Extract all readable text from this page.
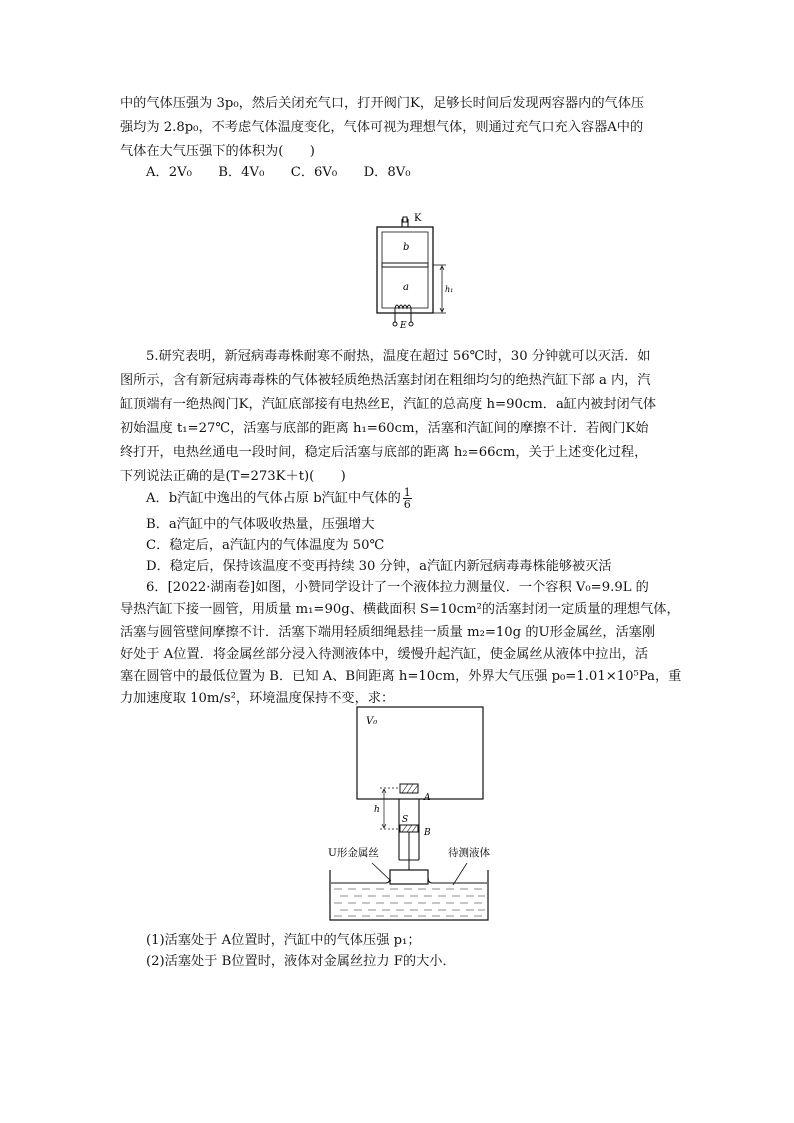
中的气体压强为 3p₀，然后关闭充气口，打开阀门K，足够长时间后发现两容器内的气体压
强均为 2.8p₀，不考虑气体温度变化，气体可视为理想气体，则通过充气口充入容器A中的
气体在大气压强下的体积为(　　)
A．2V₀　　B．4V₀　　C．6V₀　　D．8V₀
K
b
a
E
h₁
5.研究表明，新冠病毒毒株耐寒不耐热，温度在超过 56℃时，30 分钟就可以灭活．如
图所示，含有新冠病毒毒株的气体被轻质绝热活塞封闭在粗细均匀的绝热汽缸下部 a 内，汽
缸顶端有一绝热阀门K，汽缸底部接有电热丝E，汽缸的总高度 h=90cm．a缸内被封闭气体
初始温度 t₁=27℃，活塞与底部的距离 h₁=60cm，活塞和汽缸间的摩擦不计．若阀门K始
终打开，电热丝通电一段时间，稳定后活塞与底部的距离 h₂=66cm，关于上述变化过程，
下列说法正确的是(T=273K＋t)(　　)
A．b汽缸中逸出的气体占原 b汽缸中气体的 $\frac{1}{6}$
B．a汽缸中的气体吸收热量，压强增大
C．稳定后，a汽缸内的气体温度为 50℃
D．稳定后，保持该温度不变再持续 30 分钟，a汽缸内新冠病毒毒株能够被灭活
6．[2022·湖南卷]如图，小赞同学设计了一个液体拉力测量仪．一个容积 V₀=9.9L 的
导热汽缸下接一圆管，用质量 m₁=90g、横截面积 S=10cm²的活塞封闭一定质量的理想气体，
活塞与圆管壁间摩擦不计．活塞下端用轻质细绳悬挂一质量 m₂=10g 的U形金属丝，活塞刚
好处于 A位置．将金属丝部分浸入待测液体中，缓慢升起汽缸，使金属丝从液体中拉出，活
塞在圆管中的最低位置为 B．已知 A、B间距离 h=10cm，外界大气压强 p₀=1.01×10⁵Pa，重
力加速度取 10m/s²，环境温度保持不变，求：
V₀
S
A
B
h
U形金属丝	待测液体
(1)活塞处于 A位置时，汽缸中的气体压强 p₁；
(2)活塞处于 B位置时，液体对金属丝拉力 F的大小．
